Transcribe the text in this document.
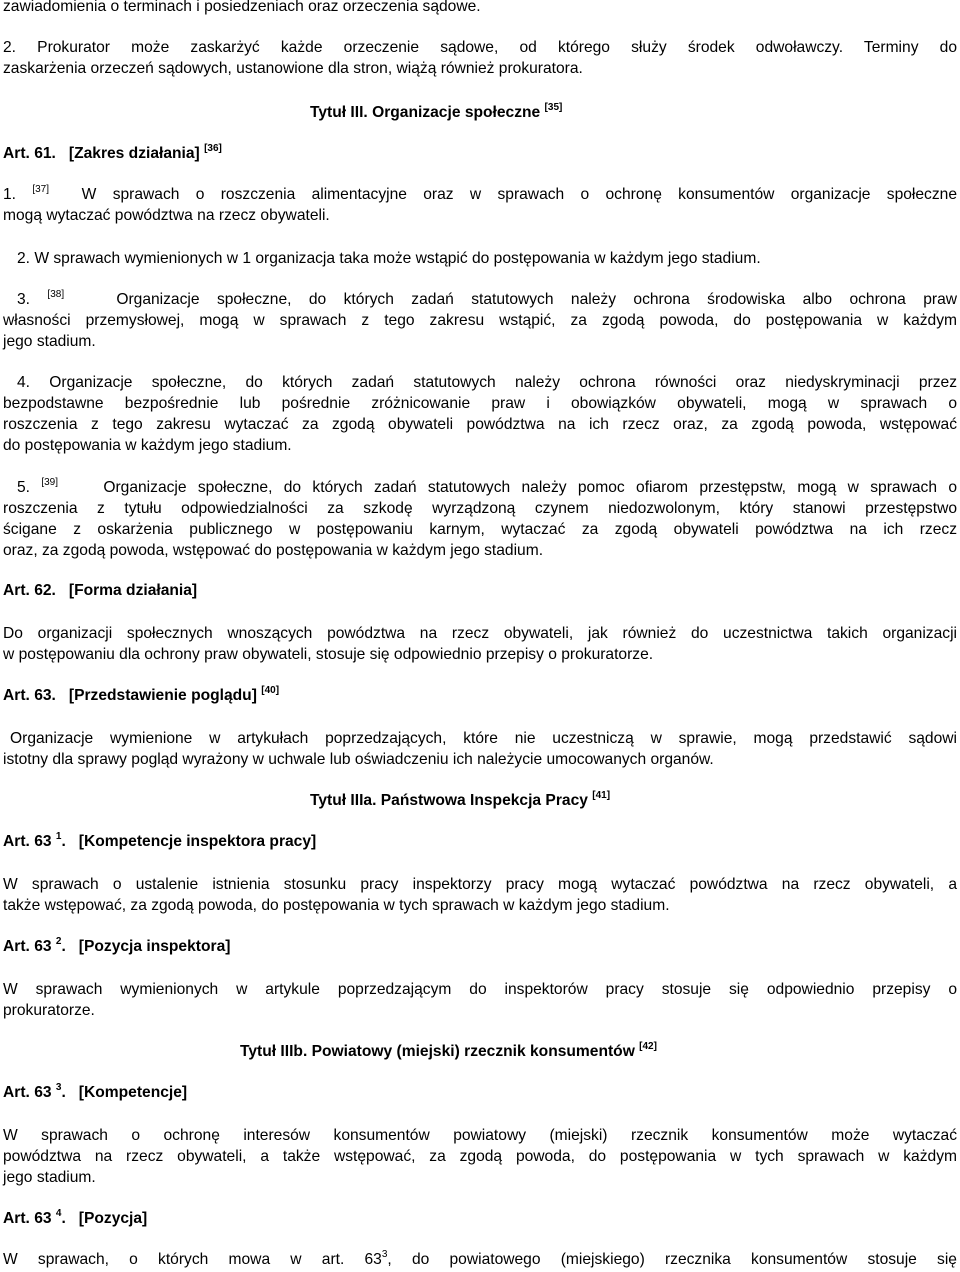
zawiadomienia o terminach i posiedzeniach oraz orzeczenia sądowe.
2. Prokurator może zaskarżyć każde orzeczenie sądowe, od którego służy środek odwoławczy. Terminy do
zaskarżenia orzeczeń sądowych, ustanowione dla stron, wiążą również prokuratora.
Tytuł III. Organizacje społeczne [35]
Art. 61. [Zakres działania] [36]
1. [37] W sprawach o roszczenia alimentacyjne oraz w sprawach o ochronę konsumentów organizacje społeczne
mogą wytaczać powództwa na rzecz obywateli.
2. W sprawach wymienionych w 1 organizacja taka może wstąpić do postępowania w każdym jego stadium.
3. [38]	Organizacje społeczne, do których zadań statutowych należy ochrona środowiska albo ochrona praw
własności przemysłowej, mogą w sprawach z tego zakresu wstąpić, za zgodą powoda, do postępowania w każdym
jego stadium.
4. Organizacje społeczne, do których zadań statutowych należy ochrona równości oraz niedyskryminacji przez
bezpodstawne bezpośrednie lub pośrednie zróżnicowanie praw i obowiązków obywateli, mogą w sprawach o
roszczenia z tego zakresu wytaczać za zgodą obywateli powództwa na ich rzecz oraz, za zgodą powoda, wstępować
do postępowania w każdym jego stadium.
5. [39]	Organizacje społeczne, do których zadań statutowych należy pomoc ofiarom przestępstw, mogą w sprawach o
roszczenia z tytułu odpowiedzialności za szkodę wyrządzoną czynem niedozwolonym, który stanowi przestępstwo
ścigane z oskarżenia publicznego w postępowaniu karnym, wytaczać za zgodą obywateli powództwa na ich rzecz
oraz, za zgodą powoda, wstępować do postępowania w każdym jego stadium.
Art. 62. [Forma działania]
Do organizacji społecznych wnoszących powództwa na rzecz obywateli, jak również do uczestnictwa takich organizacji
w postępowaniu dla ochrony praw obywateli, stosuje się odpowiednio przepisy o prokuratorze.
Art. 63. [Przedstawienie poglądu] [40]
Organizacje wymienione w artykułach poprzedzających, które nie uczestniczą w sprawie, mogą przedstawić sądowi
istotny dla sprawy pogląd wyrażony w uchwale lub oświadczeniu ich należycie umocowanych organów.
Tytuł IIIa. Państwowa Inspekcja Pracy [41]
Art. 63 $^1$. [Kompetencje inspektora pracy]
W sprawach o ustalenie istnienia stosunku pracy inspektorzy pracy mogą wytaczać powództwa na rzecz obywateli, a
także wstępować, za zgodą powoda, do postępowania w tych sprawach w każdym jego stadium.
Art. 63 $^2$. [Pozycja inspektora]
W sprawach wymienionych w artykule poprzedzającym do inspektorów pracy stosuje się odpowiednio przepisy o
prokuratorze.
Tytuł IIIb. Powiatowy (miejski) rzecznik konsumentów [42]
Art. 63 $^3$. [Kompetencje]
W sprawach o ochronę interesów konsumentów powiatowy (miejski) rzecznik konsumentów może wytaczać
powództwa na rzecz obywateli, a także wstępować, za zgodą powoda, do postępowania w tych sprawach w każdym
jego stadium.
Art. 63 $^4$. [Pozycja]
W sprawach, o których mowa w art. $63^3$, do powiatowego (miejskiego) rzecznika konsumentów stosuje się
